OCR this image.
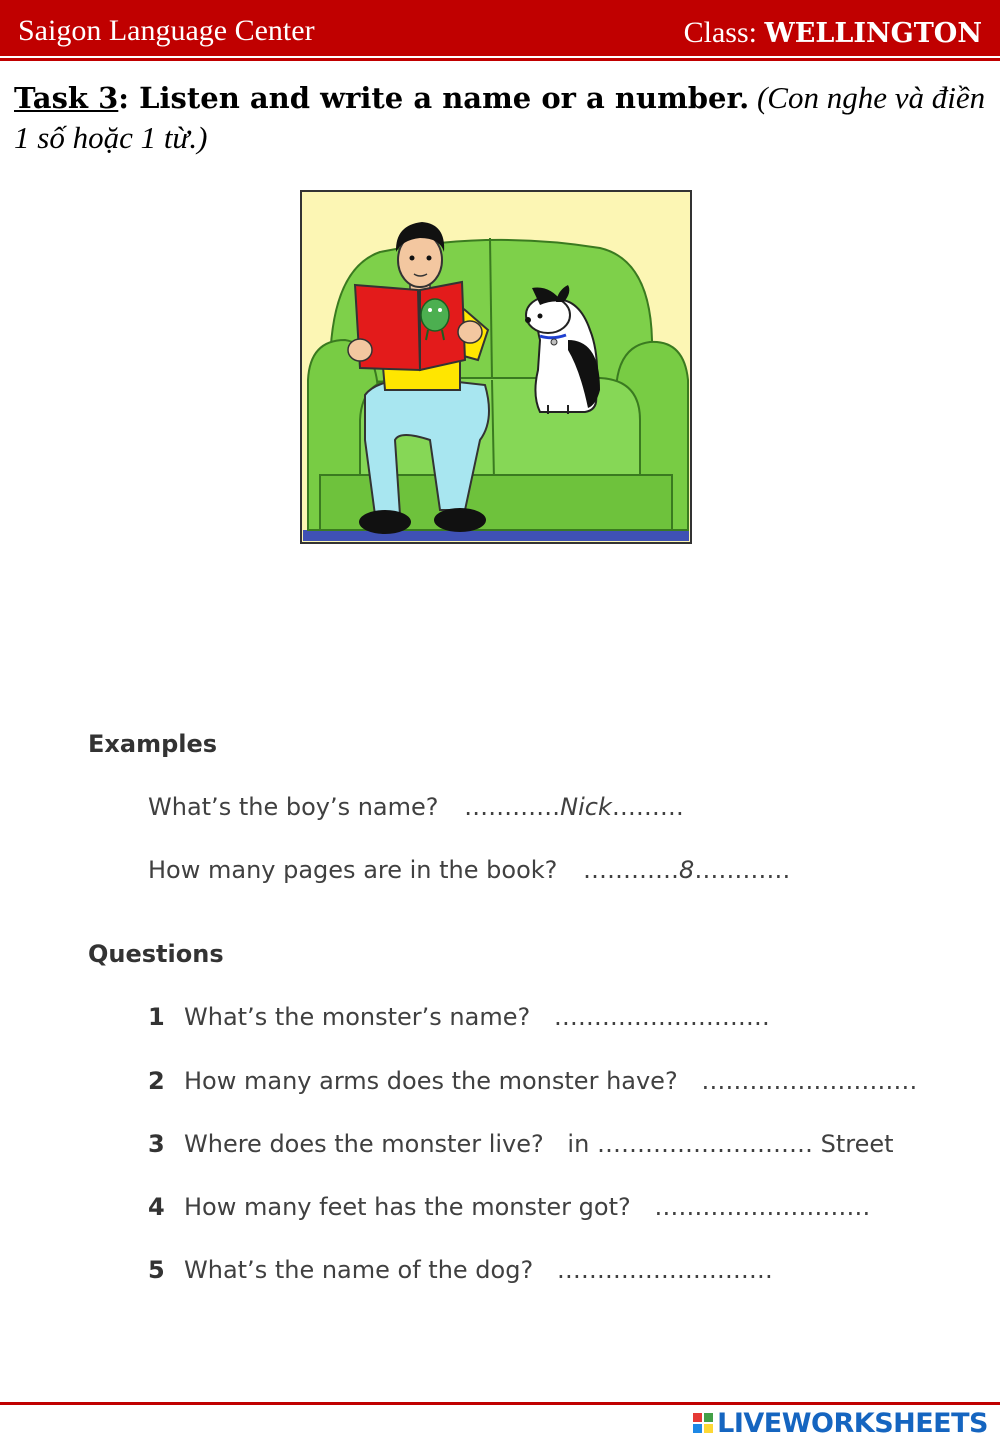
Saigon Language Center	Class: WELLINGTON
Task 3: Listen and write a name or a number. (Con nghe và điền 1 số hoặc 1 từ.)
Examples
What’s the boy’s name? …………Nick………
How many pages are in the book? …………8…………
Questions
1 What’s the monster’s name? ………………………
2 How many arms does the monster have? ………………………
3 Where does the monster live? in ……………………… Street
4 How many feet has the monster got? ………………………
5 What’s the name of the dog? ………………………
LIVEWORKSHEETS
